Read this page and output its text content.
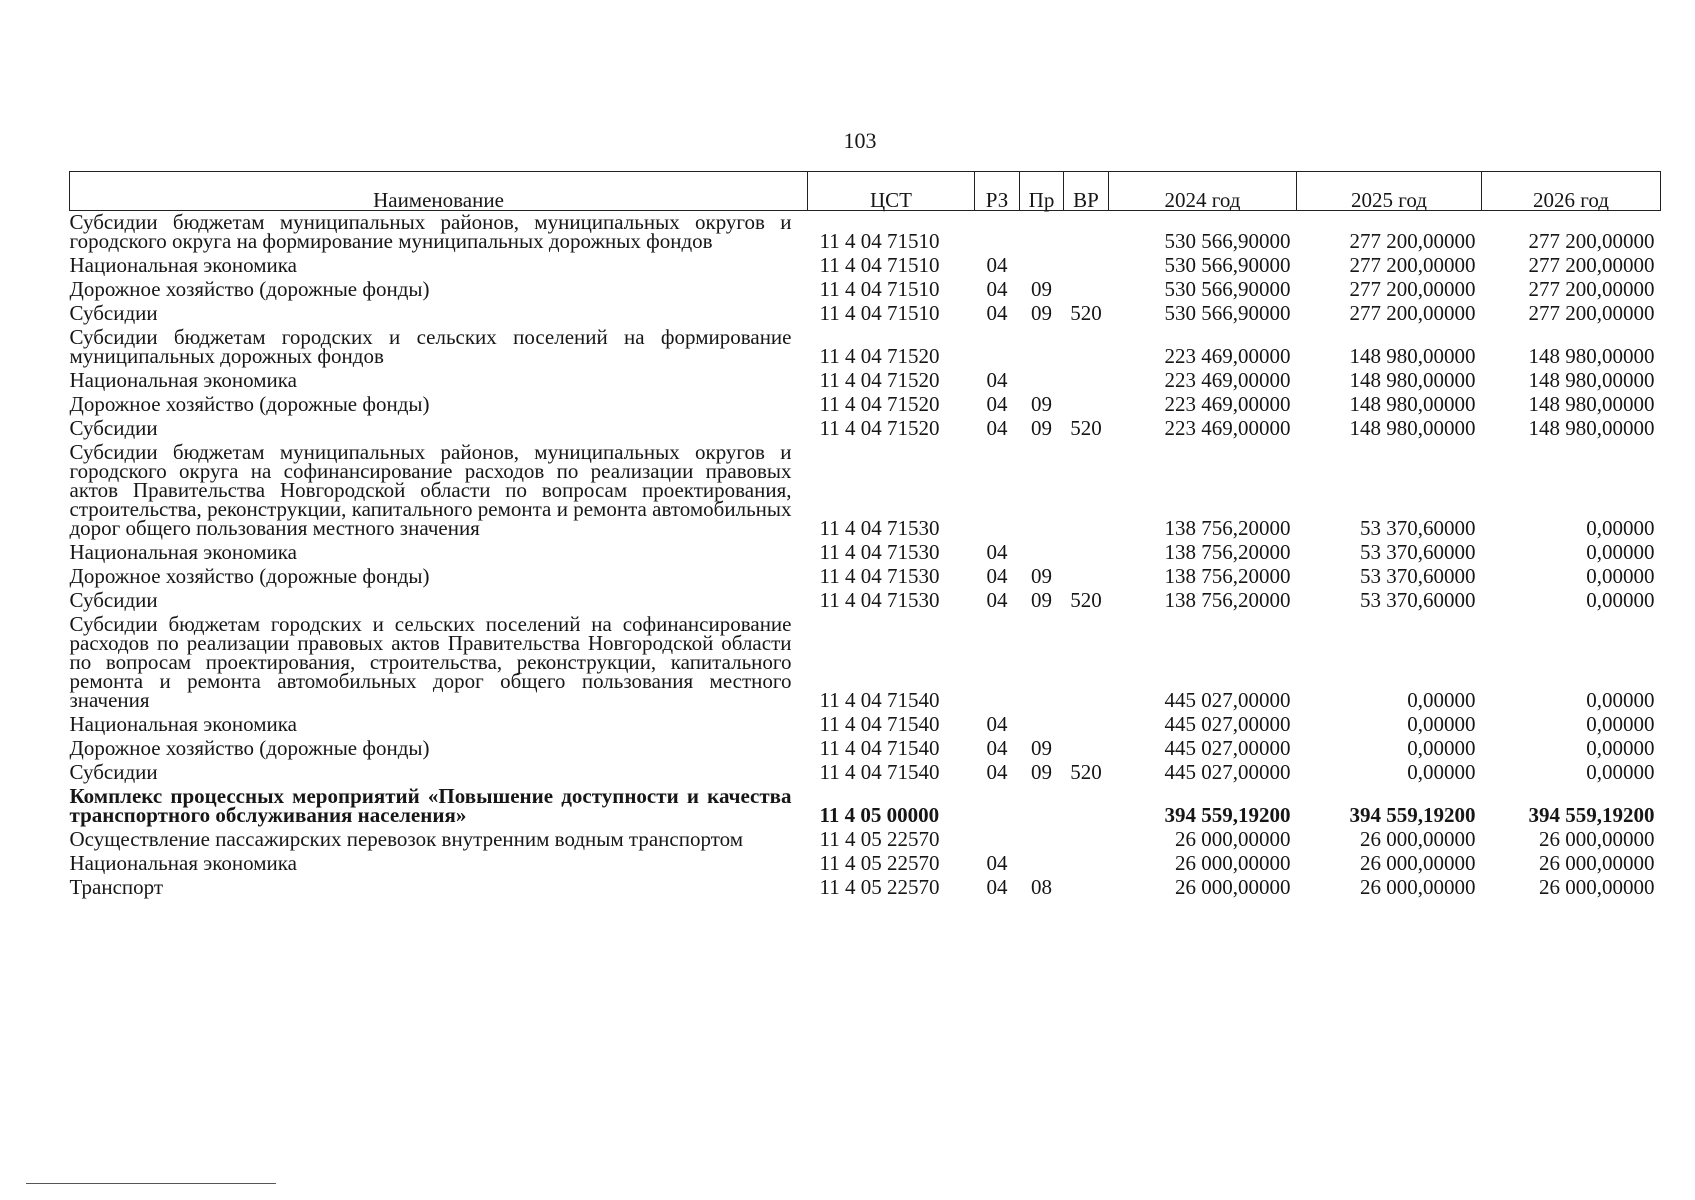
103
Наименование	ЦСТ	РЗ	Пр	ВР	2024 год	2025 год	2026 год
Субсидии бюджетам муниципальных районов, муниципальных округов и городского округа на формирование муниципальных дорожных фондов	11 4 04 71510				530 566,90000	277 200,00000	277 200,00000
Национальная экономика	11 4 04 71510	04			530 566,90000	277 200,00000	277 200,00000
Дорожное хозяйство (дорожные фонды)	11 4 04 71510	04	09		530 566,90000	277 200,00000	277 200,00000
Субсидии	11 4 04 71510	04	09	520	530 566,90000	277 200,00000	277 200,00000
Субсидии бюджетам городских и сельских поселений на формирование муниципальных дорожных фондов	11 4 04 71520				223 469,00000	148 980,00000	148 980,00000
Национальная экономика	11 4 04 71520	04			223 469,00000	148 980,00000	148 980,00000
Дорожное хозяйство (дорожные фонды)	11 4 04 71520	04	09		223 469,00000	148 980,00000	148 980,00000
Субсидии	11 4 04 71520	04	09	520	223 469,00000	148 980,00000	148 980,00000
Субсидии бюджетам муниципальных районов, муниципальных округов и городского округа на софинансирование расходов по реализации правовых актов Правительства Новгородской области по вопросам проектирования, строительства, реконструкции, капитального ремонта и ремонта автомобильных дорог общего пользования местного значения	11 4 04 71530				138 756,20000	53 370,60000	0,00000
Национальная экономика	11 4 04 71530	04			138 756,20000	53 370,60000	0,00000
Дорожное хозяйство (дорожные фонды)	11 4 04 71530	04	09		138 756,20000	53 370,60000	0,00000
Субсидии	11 4 04 71530	04	09	520	138 756,20000	53 370,60000	0,00000
Субсидии бюджетам городских и сельских поселений на софинансирование расходов по реализации правовых актов Правительства Новгородской области по вопросам проектирования, строительства, реконструкции, капитального ремонта и ремонта автомобильных дорог общего пользования местного значения	11 4 04 71540				445 027,00000	0,00000	0,00000
Национальная экономика	11 4 04 71540	04			445 027,00000	0,00000	0,00000
Дорожное хозяйство (дорожные фонды)	11 4 04 71540	04	09		445 027,00000	0,00000	0,00000
Субсидии	11 4 04 71540	04	09	520	445 027,00000	0,00000	0,00000
Комплекс процессных мероприятий «Повышение доступности и качества транспортного обслуживания населения»	11 4 05 00000				394 559,19200	394 559,19200	394 559,19200
Осуществление пассажирских перевозок внутренним водным транспортом	11 4 05 22570				26 000,00000	26 000,00000	26 000,00000
Национальная экономика	11 4 05 22570	04			26 000,00000	26 000,00000	26 000,00000
Транспорт	11 4 05 22570	04	08		26 000,00000	26 000,00000	26 000,00000
